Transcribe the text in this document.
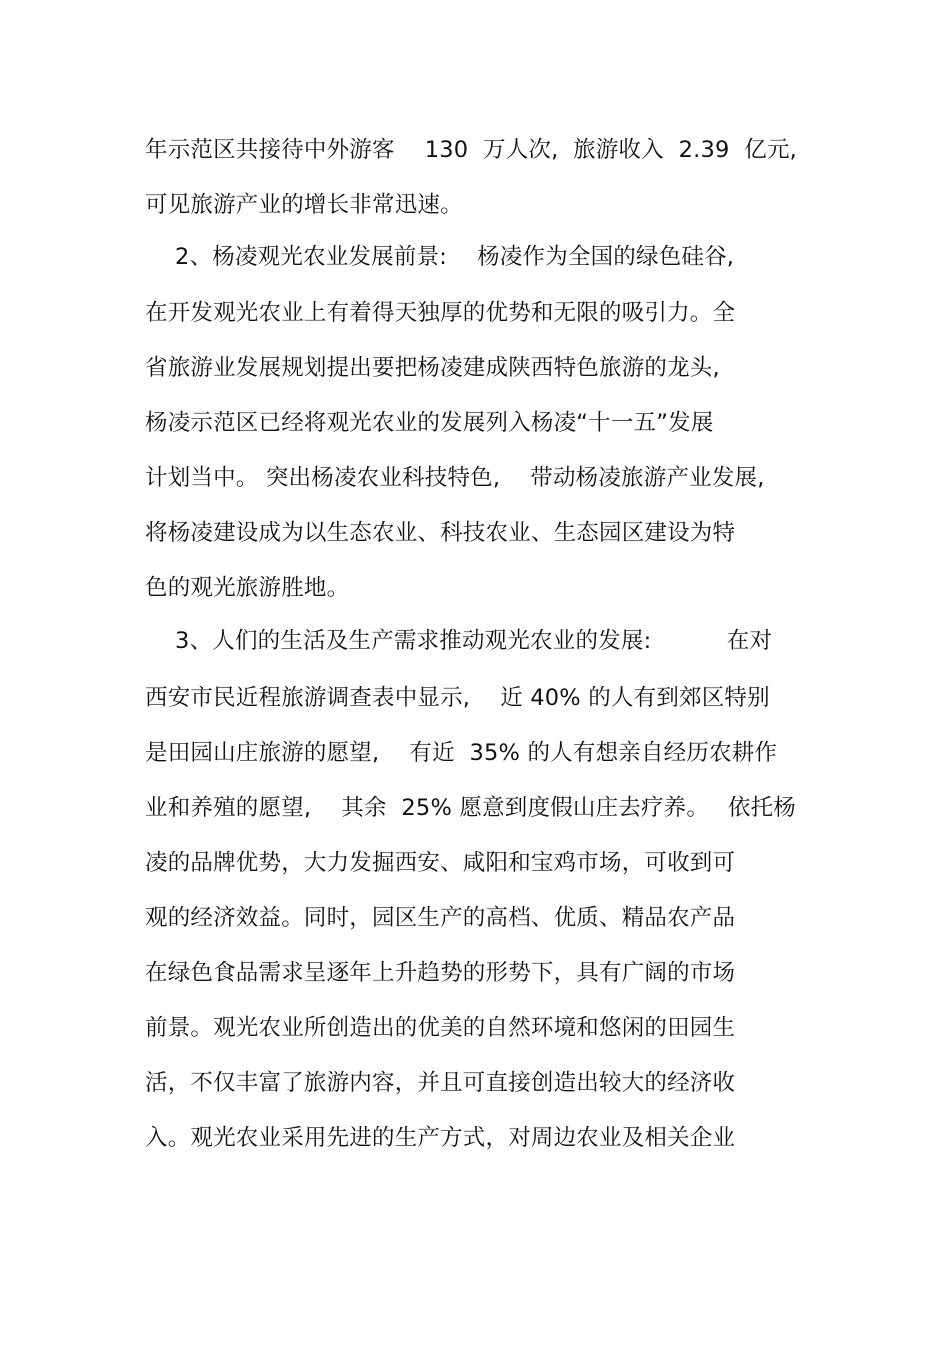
年示范区共接待中外游客　 130  万人次,  旅游收入  2.39  亿元,
可见旅游产业的增长非常迅速。
　 2、杨凌观光农业发展前景:　 杨凌作为全国的绿色硅谷,
在开发观光农业上有着得天独厚的优势和无限的吸引力。全
省旅游业发展规划提出要把杨凌建成陕西特色旅游的龙头,
杨凌示范区已经将观光农业的发展列入杨凌“十一五”发展
计划当中。 突出杨凌农业科技特色,　 带动杨凌旅游产业发展,
将杨凌建设成为以生态农业、科技农业、生态园区建设为特
色的观光旅游胜地。
　 3、人们的生活及生产需求推动观光农业的发展:　　　 在对
西安市民近程旅游调查表中显示,　 近 40% 的人有到郊区特别
是田园山庄旅游的愿望,　 有近  35% 的人有想亲自经历农耕作
业和养殖的愿望,　 其余  25% 愿意到度假山庄去疗养。　 依托杨
凌的品牌优势，大力发掘西安、咸阳和宝鸡市场，可收到可
观的经济效益。同时，园区生产的高档、优质、精品农产品
在绿色食品需求呈逐年上升趋势的形势下，具有广阔的市场
前景。观光农业所创造出的优美的自然环境和悠闲的田园生
活，不仅丰富了旅游内容，并且可直接创造出较大的经济收
入。观光农业采用先进的生产方式，对周边农业及相关企业
